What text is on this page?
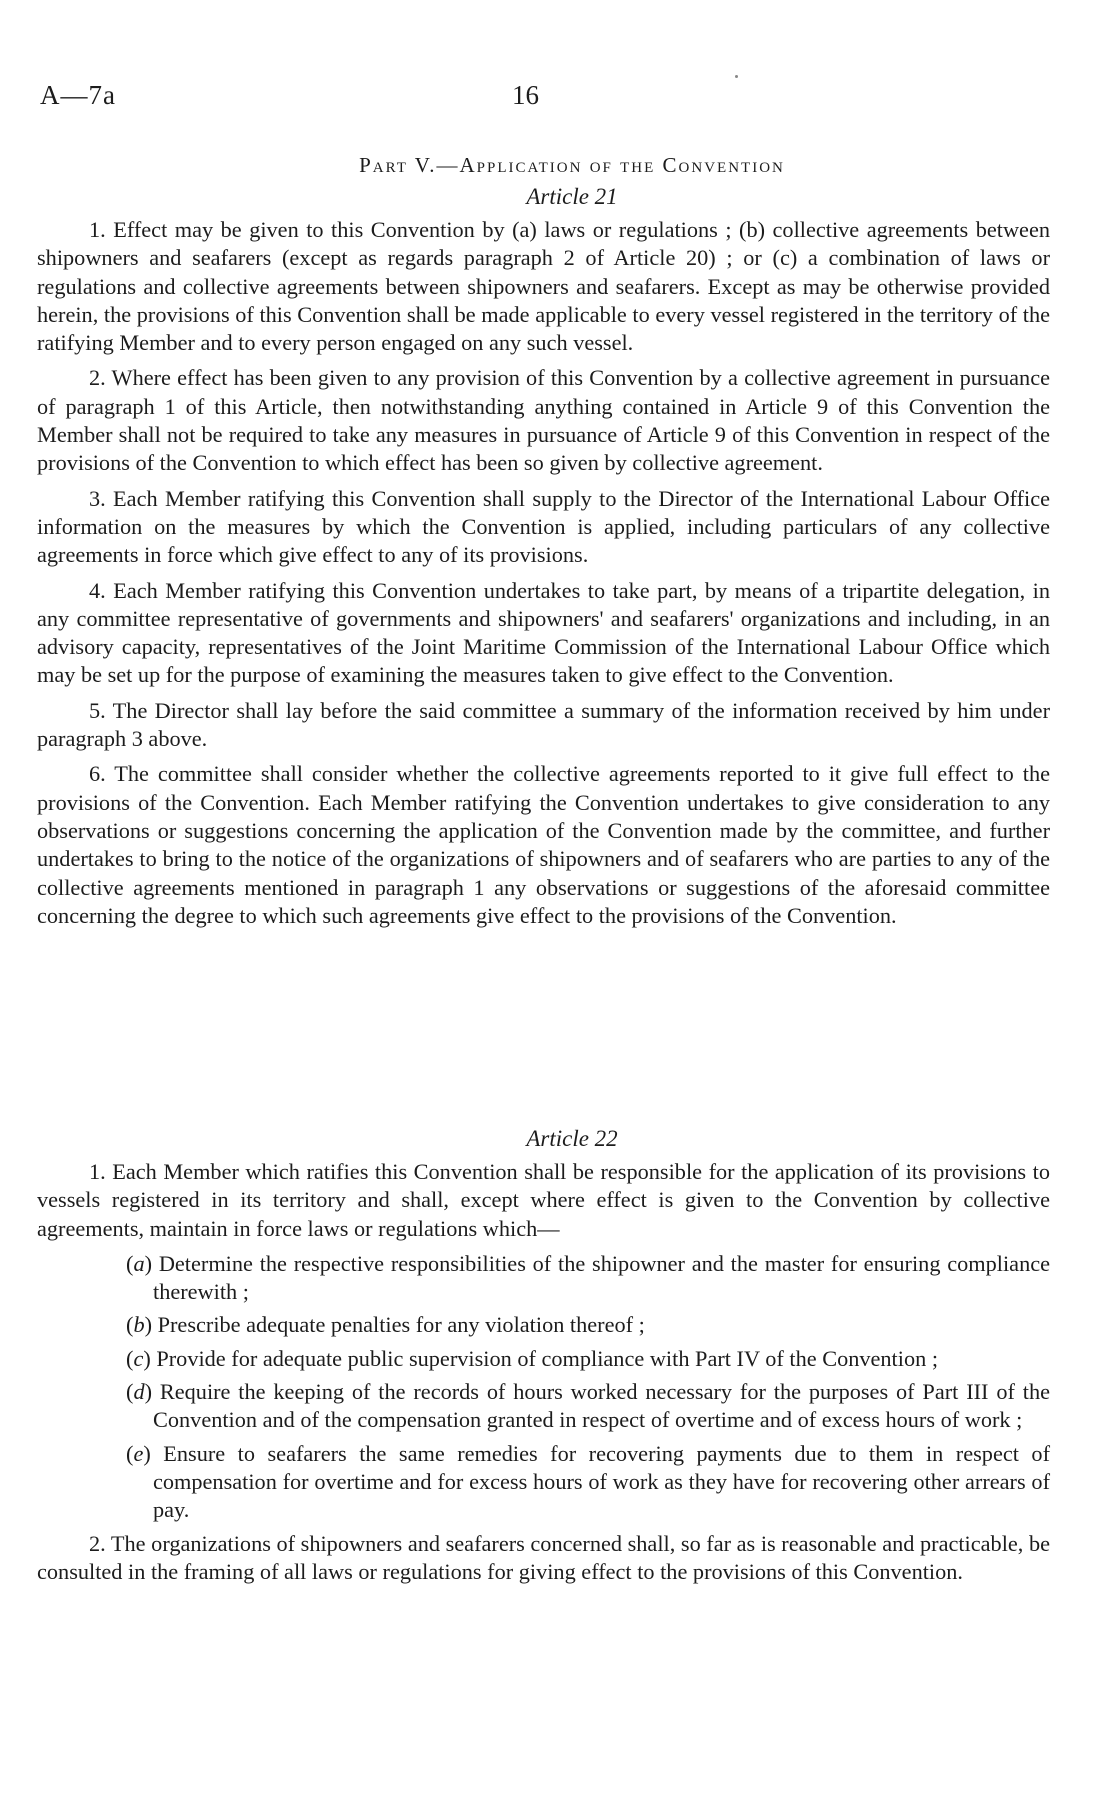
A—7a	16
Part V.—Application of the Convention
Article 21

1. Effect may be given to this Convention by (a) laws or regulations ; (b) collective agreements between shipowners and seafarers (except as regards paragraph 2 of Article 20) ; or (c) a combination of laws or regulations and collective agreements between shipowners and seafarers. Except as may be otherwise provided herein, the provisions of this Convention shall be made applicable to every vessel registered in the territory of the ratifying Member and to every person engaged on any such vessel.

2. Where effect has been given to any provision of this Convention by a collective agreement in pursuance of paragraph 1 of this Article, then notwithstanding anything contained in Article 9 of this Convention the Member shall not be required to take any measures in pursuance of Article 9 of this Convention in respect of the provisions of the Convention to which effect has been so given by collective agreement.

3. Each Member ratifying this Convention shall supply to the Director of the International Labour Office information on the measures by which the Convention is applied, including particulars of any collective agreements in force which give effect to any of its provisions.

4. Each Member ratifying this Convention undertakes to take part, by means of a tripartite delegation, in any committee representative of governments and shipowners' and seafarers' organizations and including, in an advisory capacity, representatives of the Joint Maritime Commission of the International Labour Office which may be set up for the purpose of examining the measures taken to give effect to the Convention.

5. The Director shall lay before the said committee a summary of the information received by him under paragraph 3 above.

6. The committee shall consider whether the collective agreements reported to it give full effect to the provisions of the Convention. Each Member ratifying the Convention undertakes to give consideration to any observations or suggestions concerning the application of the Convention made by the committee, and further undertakes to bring to the notice of the organizations of shipowners and of seafarers who are parties to any of the collective agreements mentioned in paragraph 1 any observations or suggestions of the aforesaid committee concerning the degree to which such agreements give effect to the provisions of the Convention.

Article 22

1. Each Member which ratifies this Convention shall be responsible for the application of its provisions to vessels registered in its territory and shall, except where effect is given to the Convention by collective agreements, maintain in force laws or regulations which—

(a) Determine the respective responsibilities of the shipowner and the master for ensuring compliance therewith ;
(b) Prescribe adequate penalties for any violation thereof ;
(c) Provide for adequate public supervision of compliance with Part IV of the Convention ;
(d) Require the keeping of the records of hours worked necessary for the purposes of Part III of the Convention and of the compensation granted in respect of overtime and of excess hours of work ;
(e) Ensure to seafarers the same remedies for recovering payments due to them in respect of compensation for overtime and for excess hours of work as they have for recovering other arrears of pay.

2. The organizations of shipowners and seafarers concerned shall, so far as is reasonable and practicable, be consulted in the framing of all laws or regulations for giving effect to the provisions of this Convention.
